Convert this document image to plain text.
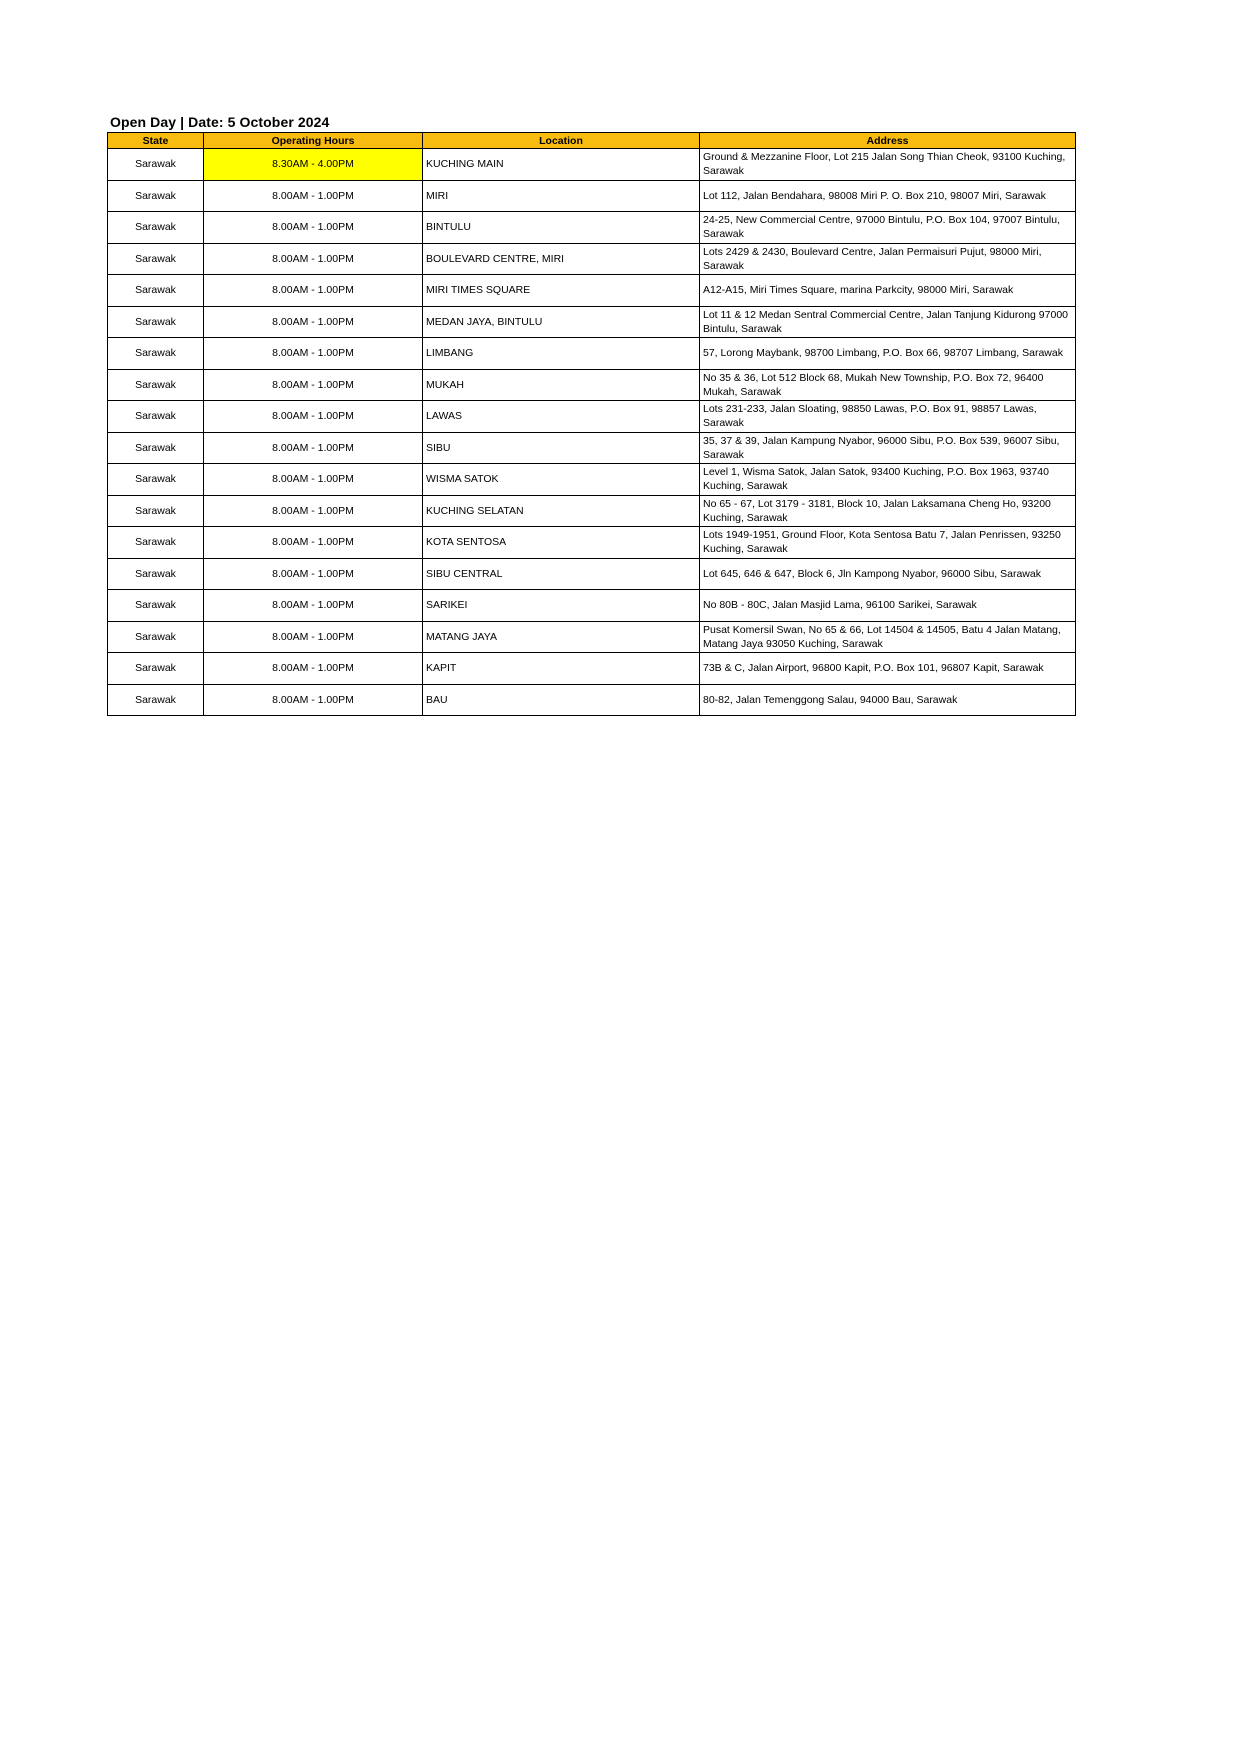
Open Day | Date: 5 October 2024
State	Operating Hours	Location	Address
Sarawak	8.30AM - 4.00PM	KUCHING MAIN	Ground & Mezzanine Floor, Lot 215 Jalan Song Thian Cheok, 93100 Kuching, Sarawak
Sarawak	8.00AM - 1.00PM	MIRI	Lot 112, Jalan Bendahara, 98008 Miri P. O. Box 210, 98007 Miri, Sarawak
Sarawak	8.00AM - 1.00PM	BINTULU	24-25, New Commercial Centre, 97000 Bintulu, P.O. Box 104, 97007 Bintulu, Sarawak
Sarawak	8.00AM - 1.00PM	BOULEVARD CENTRE, MIRI	Lots 2429 & 2430, Boulevard Centre, Jalan Permaisuri Pujut, 98000 Miri, Sarawak
Sarawak	8.00AM - 1.00PM	MIRI TIMES SQUARE	A12-A15, Miri Times Square, marina Parkcity, 98000 Miri, Sarawak
Sarawak	8.00AM - 1.00PM	MEDAN JAYA, BINTULU	Lot 11 & 12 Medan Sentral Commercial Centre, Jalan Tanjung Kidurong 97000 Bintulu, Sarawak
Sarawak	8.00AM - 1.00PM	LIMBANG	57, Lorong Maybank, 98700 Limbang, P.O. Box 66, 98707 Limbang, Sarawak
Sarawak	8.00AM - 1.00PM	MUKAH	No 35 & 36, Lot 512 Block 68, Mukah New Township, P.O. Box 72, 96400 Mukah, Sarawak
Sarawak	8.00AM - 1.00PM	LAWAS	Lots 231-233, Jalan Sloating, 98850 Lawas, P.O. Box 91, 98857 Lawas, Sarawak
Sarawak	8.00AM - 1.00PM	SIBU	35, 37 & 39, Jalan Kampung Nyabor, 96000 Sibu, P.O. Box 539, 96007 Sibu, Sarawak
Sarawak	8.00AM - 1.00PM	WISMA SATOK	Level 1, Wisma Satok, Jalan Satok, 93400 Kuching, P.O. Box 1963, 93740 Kuching, Sarawak
Sarawak	8.00AM - 1.00PM	KUCHING SELATAN	No 65 - 67, Lot 3179 - 3181, Block 10, Jalan Laksamana Cheng Ho, 93200 Kuching, Sarawak
Sarawak	8.00AM - 1.00PM	KOTA SENTOSA	Lots 1949-1951, Ground Floor, Kota Sentosa Batu 7, Jalan Penrissen, 93250 Kuching, Sarawak
Sarawak	8.00AM - 1.00PM	SIBU CENTRAL	Lot 645, 646 & 647, Block 6, Jln Kampong Nyabor, 96000 Sibu, Sarawak
Sarawak	8.00AM - 1.00PM	SARIKEI	No 80B - 80C, Jalan Masjid Lama, 96100 Sarikei, Sarawak
Sarawak	8.00AM - 1.00PM	MATANG JAYA	Pusat Komersil Swan, No 65 & 66, Lot 14504 & 14505, Batu 4 Jalan Matang, Matang Jaya 93050 Kuching, Sarawak
Sarawak	8.00AM - 1.00PM	KAPIT	73B & C, Jalan Airport, 96800 Kapit, P.O. Box 101, 96807 Kapit, Sarawak
Sarawak	8.00AM - 1.00PM	BAU	80-82, Jalan Temenggong Salau, 94000 Bau, Sarawak
